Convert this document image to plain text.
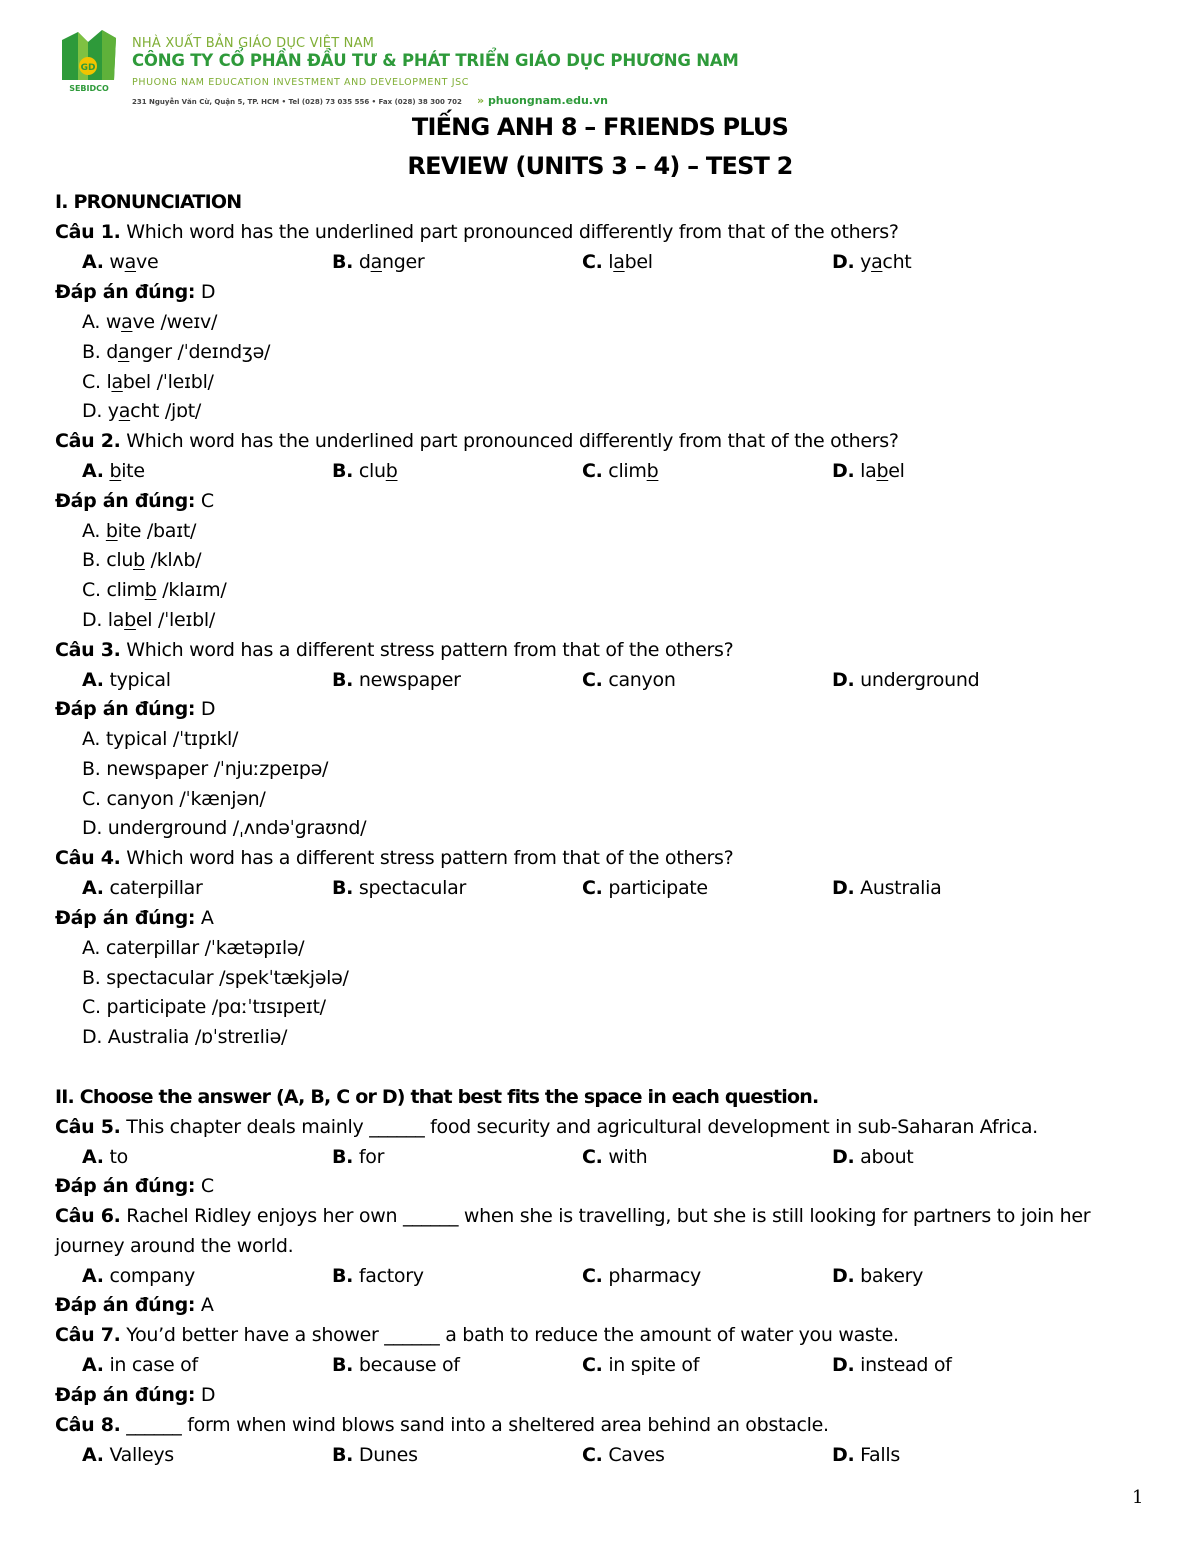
GD
SEBIDCO
NHÀ XUẤT BẢN GIÁO DỤC VIỆT NAM
CÔNG TY CỔ PHẦN ĐẦU TƯ & PHÁT TRIỂN GIÁO DỤC PHƯƠNG NAM
PHUONG NAM EDUCATION INVESTMENT AND DEVELOPMENT JSC
231 Nguyễn Văn Cừ, Quận 5, TP. HCM • Tel (028) 73 035 556 • Fax (028) 38 300 702 » phuongnam.edu.vn
TIẾNG ANH 8 – FRIENDS PLUS
REVIEW (UNITS 3 – 4) – TEST 2
I. PRONUNCIATION
Câu 1. Which word has the underlined part pronounced differently from that of the others?
A. wave	B. danger	C. label	D. yacht
Đáp án đúng: D
A. wave /weɪv/
B. danger /ˈdeɪndʒə/
C. label /ˈleɪbl/
D. yacht /jɒt/
Câu 2. Which word has the underlined part pronounced differently from that of the others?
A. bite	B. club	C. climb	D. label
Đáp án đúng: C
A. bite /baɪt/
B. club /klʌb/
C. climb /klaɪm/
D. label /ˈleɪbl/
Câu 3. Which word has a different stress pattern from that of the others?
A. typical	B. newspaper	C. canyon	D. underground
Đáp án đúng: D
A. typical /ˈtɪpɪkl/
B. newspaper /ˈnjuːzpeɪpə/
C. canyon /ˈkænjən/
D. underground /ˌʌndəˈɡraʊnd/
Câu 4. Which word has a different stress pattern from that of the others?
A. caterpillar	B. spectacular	C. participate	D. Australia
Đáp án đúng: A
A. caterpillar /ˈkætəpɪlə/
B. spectacular /spekˈtækjələ/
C. participate /pɑːˈtɪsɪpeɪt/
D. Australia /ɒˈstreɪliə/
II. Choose the answer (A, B, C or D) that best fits the space in each question.
Câu 5. This chapter deals mainly ______ food security and agricultural development in sub-Saharan Africa.
A. to	B. for	C. with	D. about
Đáp án đúng: C
Câu 6. Rachel Ridley enjoys her own ______ when she is travelling, but she is still looking for partners to join her
journey around the world.
A. company	B. factory	C. pharmacy	D. bakery
Đáp án đúng: A
Câu 7. You’d better have a shower ______ a bath to reduce the amount of water you waste.
A. in case of	B. because of	C. in spite of	D. instead of
Đáp án đúng: D
Câu 8. ______ form when wind blows sand into a sheltered area behind an obstacle.
A. Valleys	B. Dunes	C. Caves	D. Falls
1
